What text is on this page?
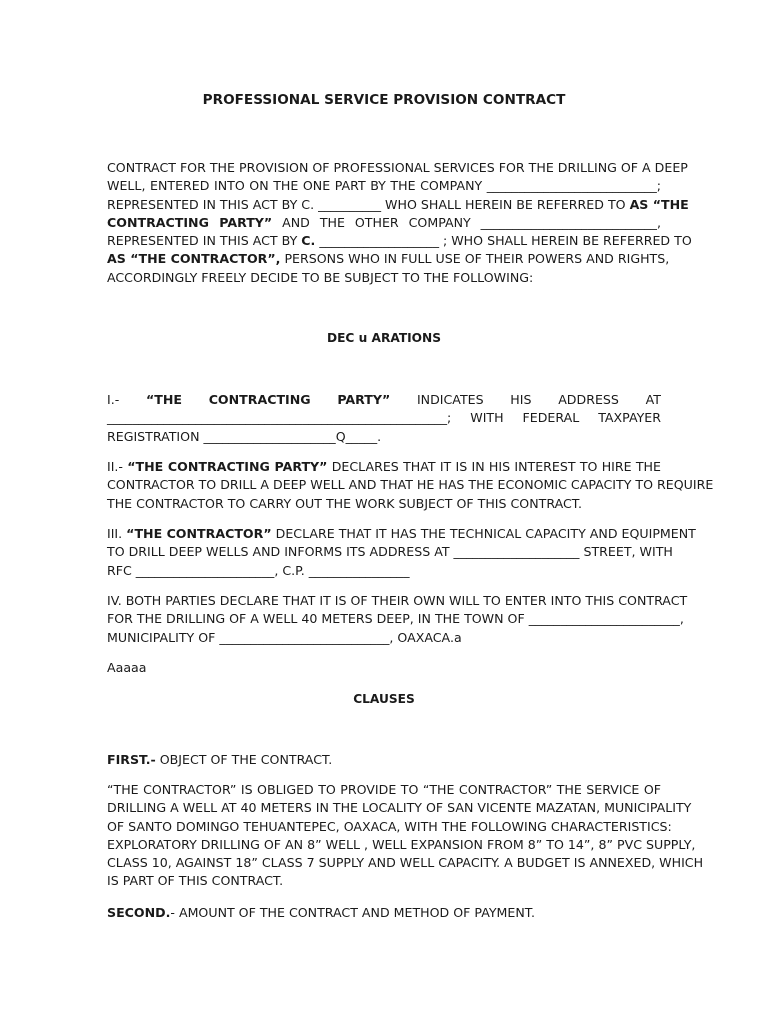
PROFESSIONAL SERVICE PROVISION CONTRACT
CONTRACT FOR THE PROVISION OF PROFESSIONAL SERVICES FOR THE DRILLING OF A DEEP
WELL, ENTERED INTO ON THE ONE PART BY THE COMPANY ___________________________;
REPRESENTED IN THIS ACT BY C. __________ WHO SHALL HEREIN BE REFERRED TO AS “THE
CONTRACTING PARTY” AND THE OTHER COMPANY ____________________________,
REPRESENTED IN THIS ACT BY C. ___________________ ; WHO SHALL HEREIN BE REFERRED TO
AS “THE CONTRACTOR”, PERSONS WHO IN FULL USE OF THEIR POWERS AND RIGHTS,
ACCORDINGLY FREELY DECIDE TO BE SUBJECT TO THE FOLLOWING:
DEC u ARATIONS
I.- “THE CONTRACTING PARTY” INDICATES HIS ADDRESS AT
______________________________________________________; WITH FEDERAL TAXPAYER
REGISTRATION _____________________Q_____.
II.- “THE CONTRACTING PARTY” DECLARES THAT IT IS IN HIS INTEREST TO HIRE THE
CONTRACTOR TO DRILL A DEEP WELL AND THAT HE HAS THE ECONOMIC CAPACITY TO REQUIRE
THE CONTRACTOR TO CARRY OUT THE WORK SUBJECT OF THIS CONTRACT.
III. “THE CONTRACTOR” DECLARE THAT IT HAS THE TECHNICAL CAPACITY AND EQUIPMENT
TO DRILL DEEP WELLS AND INFORMS ITS ADDRESS AT ____________________ STREET, WITH
RFC ______________________, C.P. ________________
IV. BOTH PARTIES DECLARE THAT IT IS OF THEIR OWN WILL TO ENTER INTO THIS CONTRACT
FOR THE DRILLING OF A WELL 40 METERS DEEP, IN THE TOWN OF ________________________,
MUNICIPALITY OF ___________________________, OAXACA.a
Aaaaa
CLAUSES
FIRST.- OBJECT OF THE CONTRACT.
“THE CONTRACTOR” IS OBLIGED TO PROVIDE TO “THE CONTRACTOR” THE SERVICE OF
DRILLING A WELL AT 40 METERS IN THE LOCALITY OF SAN VICENTE MAZATAN, MUNICIPALITY
OF SANTO DOMINGO TEHUANTEPEC, OAXACA, WITH THE FOLLOWING CHARACTERISTICS:
EXPLORATORY DRILLING OF AN 8” WELL , WELL EXPANSION FROM 8” TO 14”, 8” PVC SUPPLY,
CLASS 10, AGAINST 18” CLASS 7 SUPPLY AND WELL CAPACITY. A BUDGET IS ANNEXED, WHICH
IS PART OF THIS CONTRACT.
SECOND.- AMOUNT OF THE CONTRACT AND METHOD OF PAYMENT.
